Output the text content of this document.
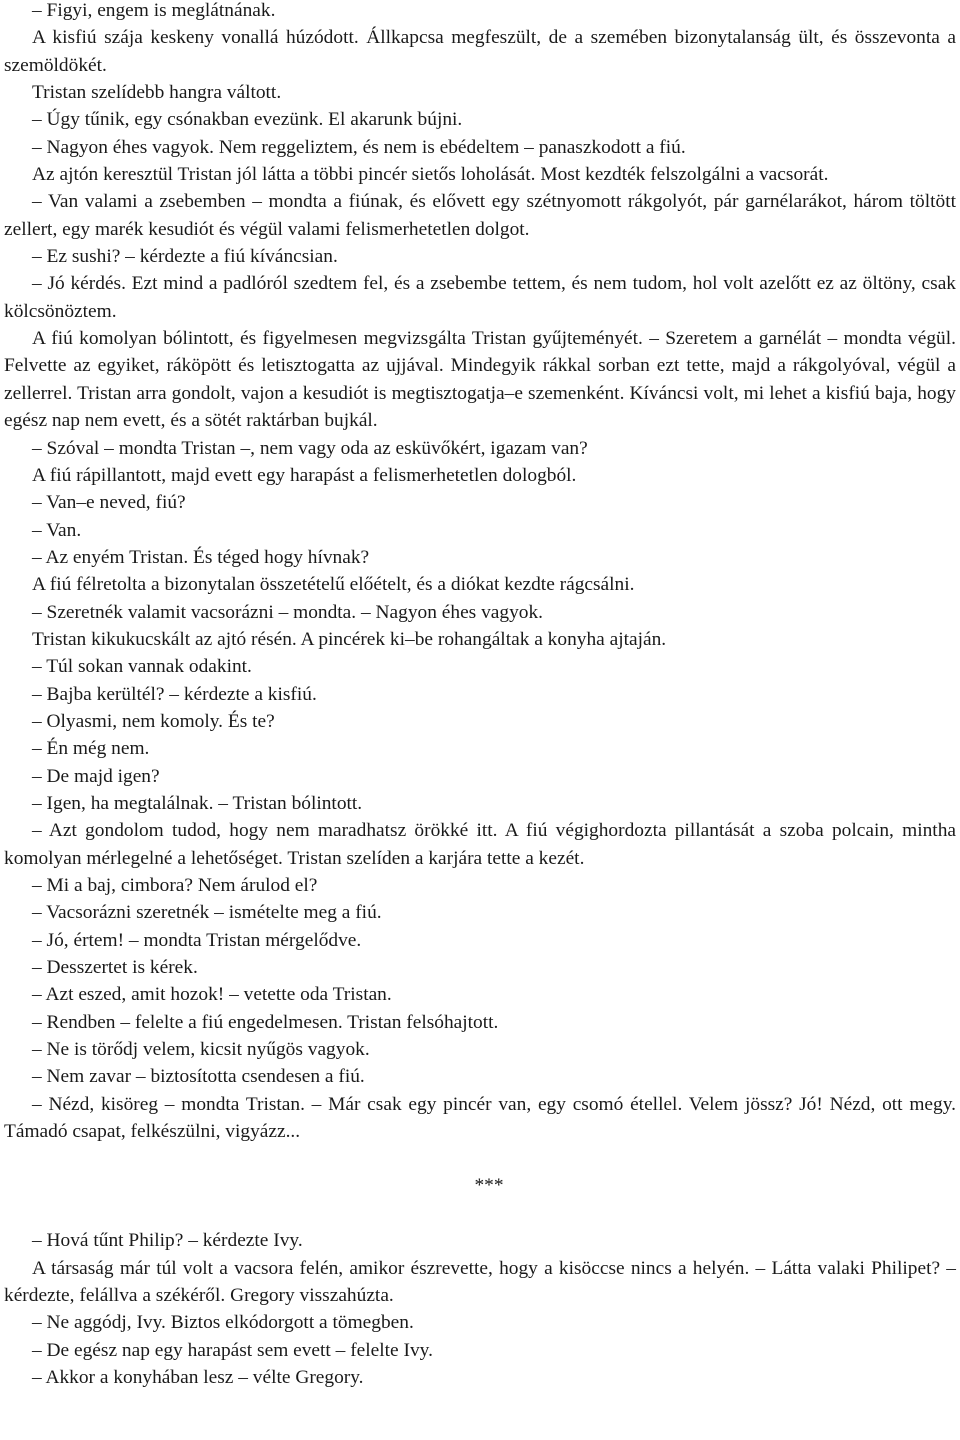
– Figyi, engem is meglátnának.

A kisfiú szája keskeny vonallá húzódott. Állkapcsa megfeszült, de a szemében bizonytalanság ült, és összevonta a szemöldökét.

Tristan szelídebb hangra váltott.

– Úgy tűnik, egy csónakban evezünk. El akarunk bújni.

– Nagyon éhes vagyok. Nem reggeliztem, és nem is ebédeltem – panaszkodott a fiú.

Az ajtón keresztül Tristan jól látta a többi pincér sietős loholását. Most kezdték felszolgálni a vacsorát.

– Van valami a zsebemben – mondta a fiúnak, és elővett egy szétnyomott rákgolyót, pár garnélarákot, három töltött zellert, egy marék kesudiót és végül valami felismerhetetlen dolgot.

– Ez sushi? – kérdezte a fiú kíváncsian.

– Jó kérdés. Ezt mind a padlóról szedtem fel, és a zsebembe tettem, és nem tudom, hol volt azelőtt ez az öltöny, csak kölcsönöztem.

A fiú komolyan bólintott, és figyelmesen megvizsgálta Tristan gyűjteményét. – Szeretem a garnélát – mondta végül. Felvette az egyiket, ráköpött és letisztogatta az ujjával. Mindegyik rákkal sorban ezt tette, majd a rákgolyóval, végül a zellerrel. Tristan arra gondolt, vajon a kesudiót is megtisztogatja–e szemenként. Kíváncsi volt, mi lehet a kisfiú baja, hogy egész nap nem evett, és a sötét raktárban bujkál.

– Szóval – mondta Tristan –, nem vagy oda az esküvőkért, igazam van?

A fiú rápillantott, majd evett egy harapást a felismerhetetlen dologból.

– Van–e neved, fiú?

– Van.

– Az enyém Tristan. És téged hogy hívnak?

A fiú félretolta a bizonytalan összetételű előételt, és a diókat kezdte rágcsálni.

– Szeretnék valamit vacsorázni – mondta. – Nagyon éhes vagyok.

Tristan kikukucskált az ajtó résén. A pincérek ki–be rohangáltak a konyha ajtaján.

– Túl sokan vannak odakint.

– Bajba kerültél? – kérdezte a kisfiú.

– Olyasmi, nem komoly. És te?

– Én még nem.

– De majd igen?

– Igen, ha megtalálnak. – Tristan bólintott.

– Azt gondolom tudod, hogy nem maradhatsz örökké itt. A fiú végighordozta pillantását a szoba polcain, mintha komolyan mérlegelné a lehetőséget. Tristan szelíden a karjára tette a kezét.

– Mi a baj, cimbora? Nem árulod el?

– Vacsorázni szeretnék – ismételte meg a fiú.

– Jó, értem! – mondta Tristan mérgelődve.

– Desszertet is kérek.

– Azt eszed, amit hozok! – vetette oda Tristan.

– Rendben – felelte a fiú engedelmesen. Tristan felsóhajtott.

– Ne is törődj velem, kicsit nyűgös vagyok.

– Nem zavar – biztosította csendesen a fiú.

– Nézd, kisöreg – mondta Tristan. – Már csak egy pincér van, egy csomó étellel. Velem jössz? Jó! Nézd, ott megy. Támadó csapat, felkészülni, vigyázz...

***

– Hová tűnt Philip? – kérdezte Ivy.

A társaság már túl volt a vacsora felén, amikor észrevette, hogy a kisöccse nincs a helyén. – Látta valaki Philipet? – kérdezte, felállva a székéről. Gregory visszahúzta.

– Ne aggódj, Ivy. Biztos elkódorgott a tömegben.

– De egész nap egy harapást sem evett – felelte Ivy.

– Akkor a konyhában lesz – vélte Gregory.
